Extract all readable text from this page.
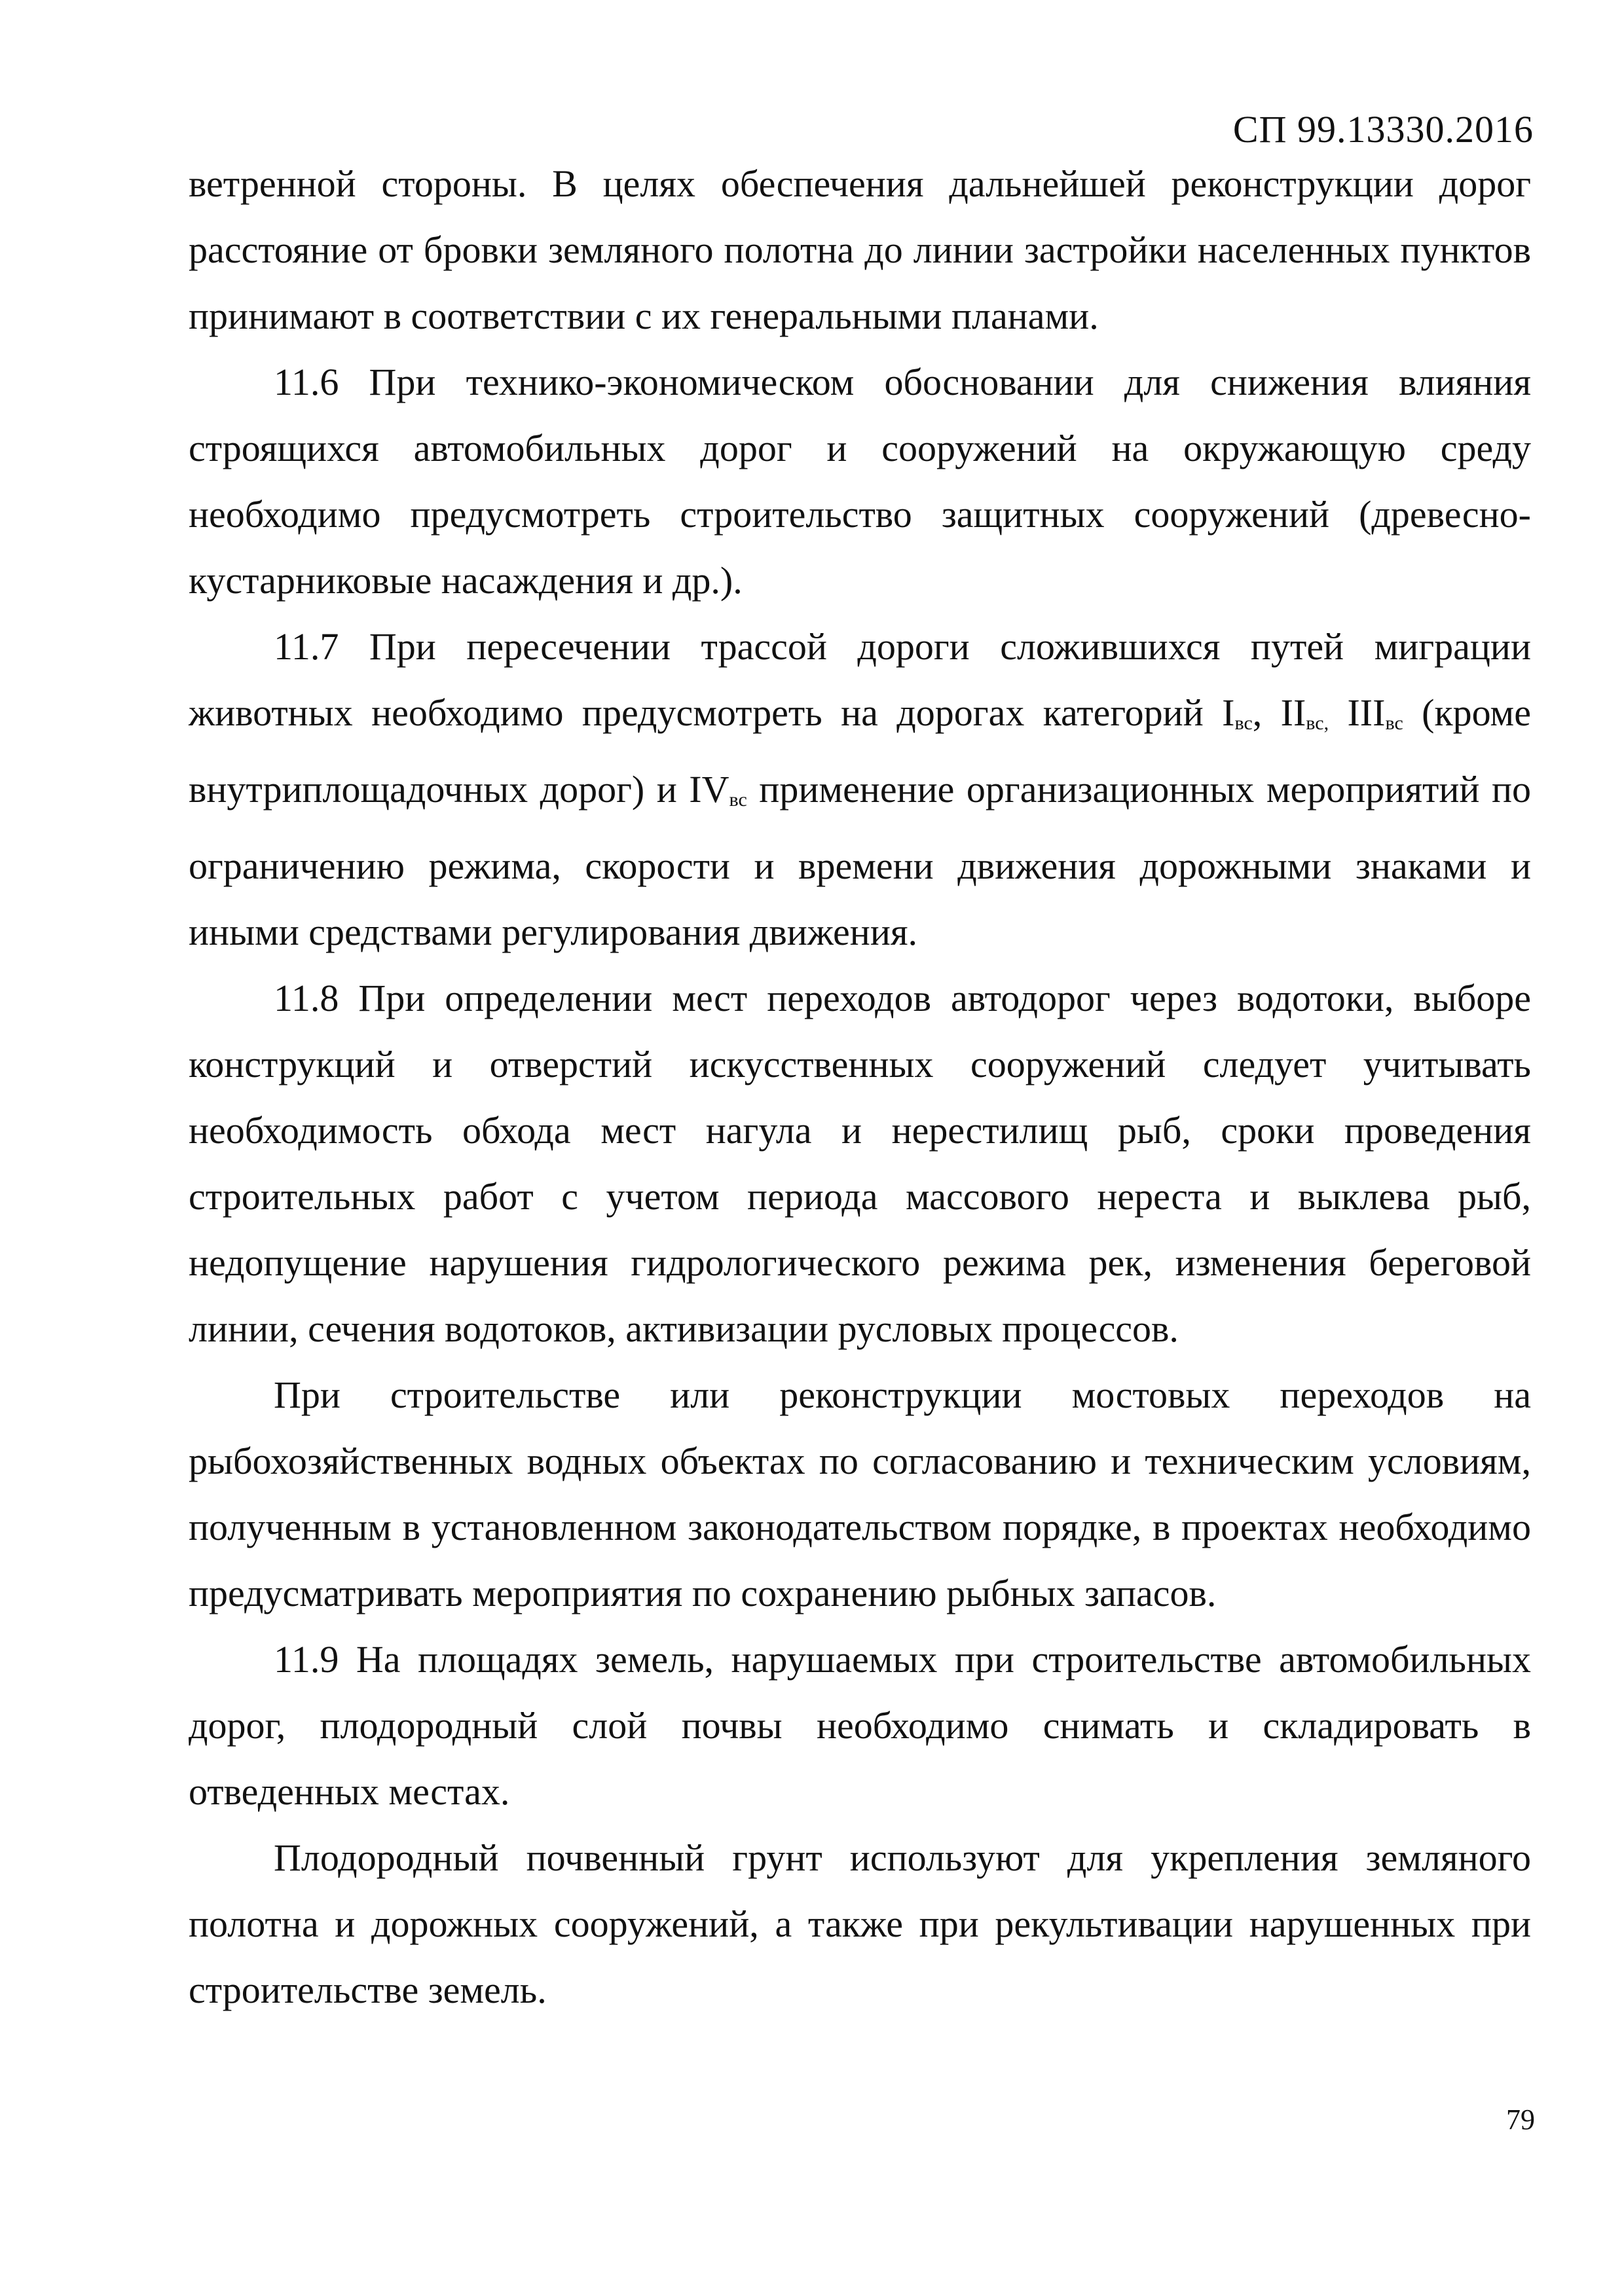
СП 99.13330.2016

ветренной стороны. В целях обеспечения дальнейшей реконструкции дорог расстояние от бровки земляного полотна до линии застройки населенных пунктов принимают в соответствии с их генеральными планами.

11.6 При технико-экономическом обосновании для снижения влияния строящихся автомобильных дорог и сооружений на окружающую среду необходимо предусмотреть строительство защитных сооружений (древесно-кустарниковые насаждения и др.).

11.7 При пересечении трассой дороги сложившихся путей миграции животных необходимо предусмотреть на дорогах категорий $I_{вс}$, $II_{вс,}$ $III_{вс}$ (кроме внутриплощадочных дорог) и $IV_{вс}$ применение организационных мероприятий по ограничению режима, скорости и времени движения дорожными знаками и иными средствами регулирования движения.

11.8 При определении мест переходов автодорог через водотоки, выборе конструкций и отверстий искусственных сооружений следует учитывать необходимость обхода мест нагула и нерестилищ рыб, сроки проведения строительных работ с учетом периода массового нереста и выклева рыб, недопущение нарушения гидрологического режима рек, изменения береговой линии, сечения водотоков, активизации русловых процессов.

При строительстве или реконструкции мостовых переходов на рыбохозяйственных водных объектах по согласованию и техническим условиям, полученным в установленном законодательством порядке, в проектах необходимо предусматривать мероприятия по сохранению рыбных запасов.

11.9 На площадях земель, нарушаемых при строительстве автомобильных дорог, плодородный слой почвы необходимо снимать и складировать в отведенных местах.

Плодородный почвенный грунт используют для укрепления земляного полотна и дорожных сооружений, а также при рекультивации нарушенных при строительстве земель.

79
